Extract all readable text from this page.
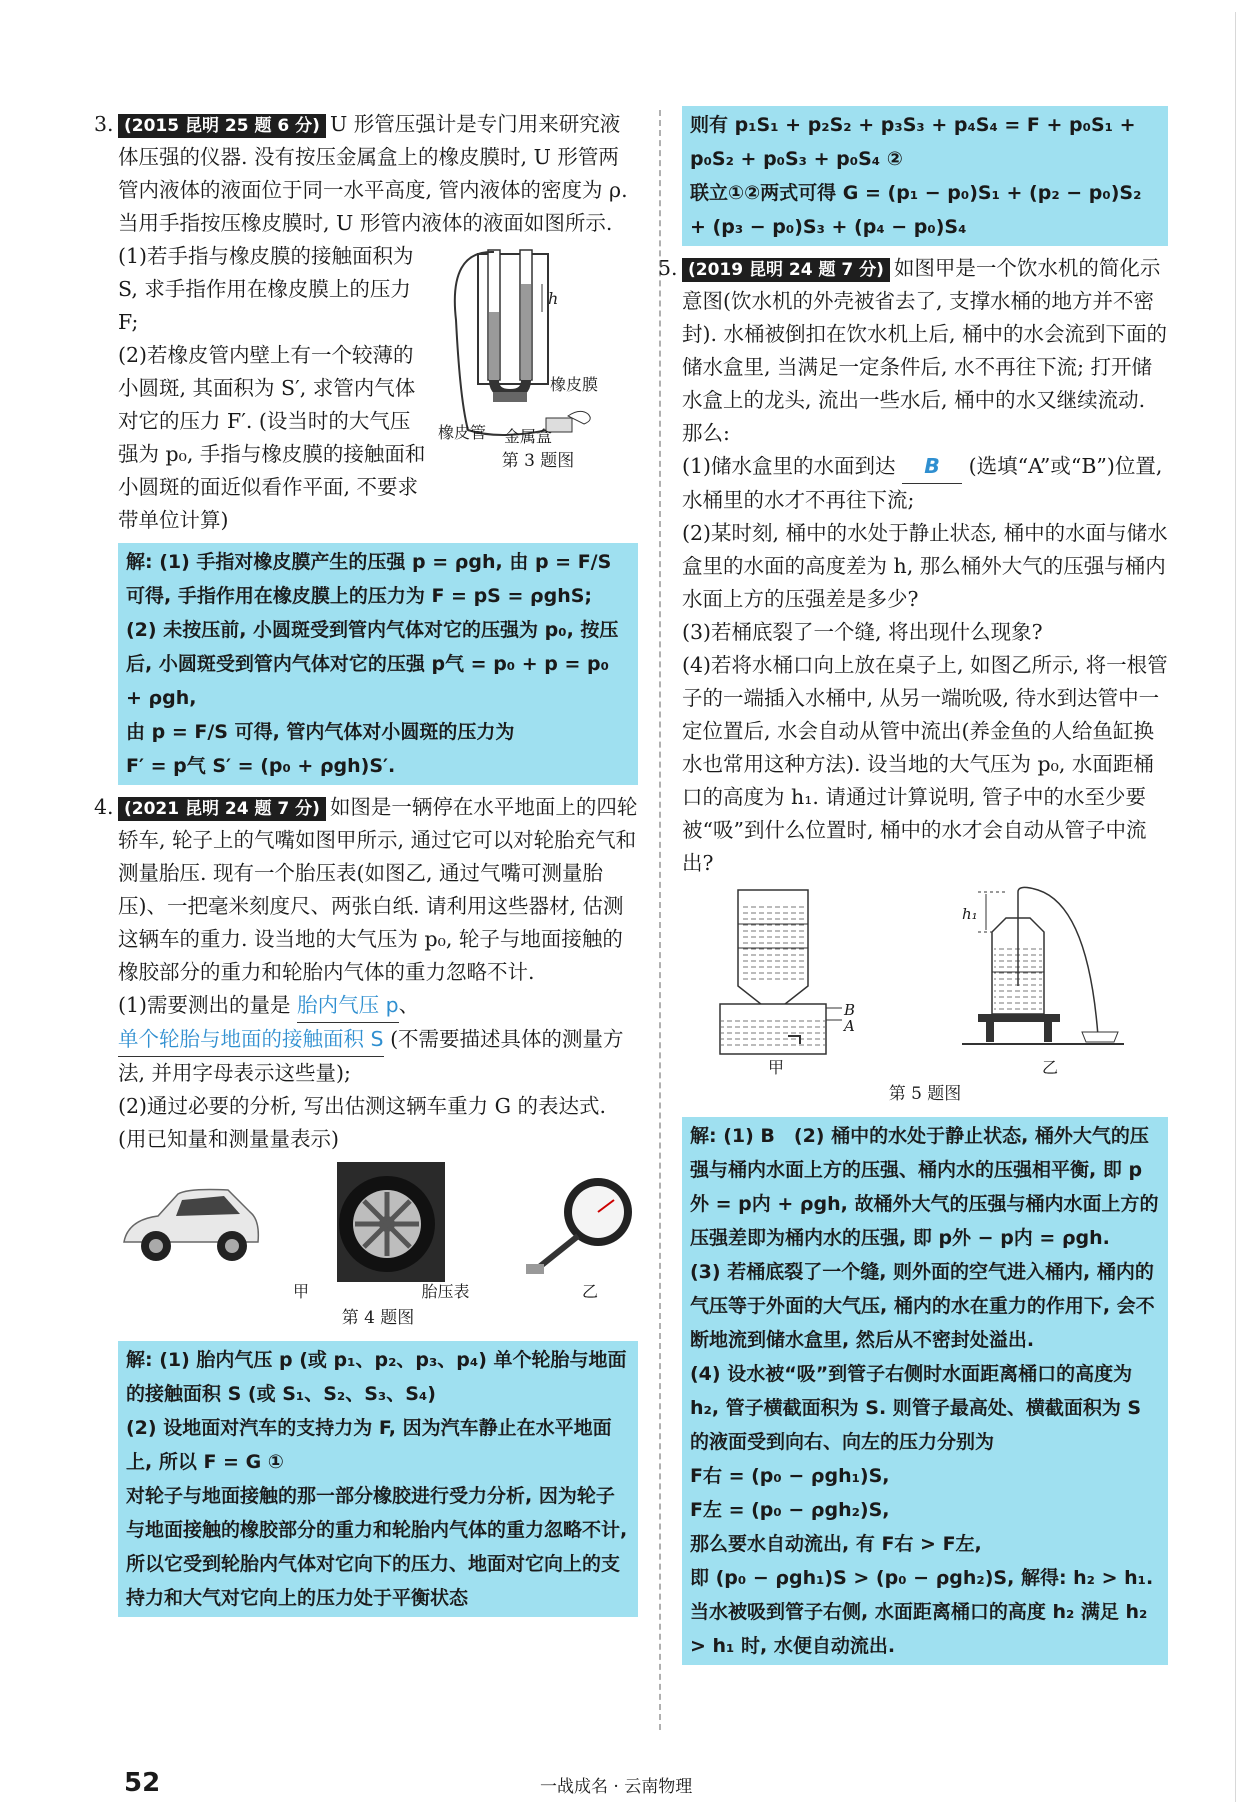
3. (2015 昆明 25 题 6 分) U 形管压强计是专门用来研究液体压强的仪器. 没有按压金属盒上的橡皮膜时, U 形管两管内液体的液面位于同一水平高度, 管内液体的密度为 ρ. 当用手指按压橡皮膜时, U 形管内液体的液面如图所示.

h
橡皮膜
橡皮管 金属盒
第 3 题图

(1)若手指与橡皮膜的接触面积为 S, 求手指作用在橡皮膜上的压力 F;

(2)若橡皮管内壁上有一个较薄的小圆斑, 其面积为 S′, 求管内气体对它的压力 F′. (设当时的大气压强为 p₀, 手指与橡皮膜的接触面和小圆斑的面近似看作平面, 不要求带单位计算)

解: (1) 手指对橡皮膜产生的压强 p = ρgh, 由 p = F/S 可得, 手指作用在橡皮膜上的压力为 F = pS = ρghS;

(2) 未按压前, 小圆斑受到管内气体对它的压强为 p₀, 按压后, 小圆斑受到管内气体对它的压强 p气 = p₀ + p = p₀ + ρgh,

由 p = F/S 可得, 管内气体对小圆斑的压力为

F′ = p气 S′ = (p₀ + ρgh)S′.

4. (2021 昆明 24 题 7 分) 如图是一辆停在水平地面上的四轮轿车, 轮子上的气嘴如图甲所示, 通过它可以对轮胎充气和测量胎压. 现有一个胎压表(如图乙, 通过气嘴可测量胎压)、一把毫米刻度尺、两张白纸. 请利用这些器材, 估测这辆车的重力. 设当地的大气压为 p₀, 轮子与地面接触的橡胶部分的重力和轮胎内气体的重力忽略不计.

(1)需要测出的量是 胎内气压 p、 单个轮胎与地面的接触面积 S (不需要描述具体的测量方法, 并用字母表示这些量);

(2)通过必要的分析, 写出估测这辆车重力 G 的表达式. (用已知量和测量量表示)

甲	胎压表	乙

第 4 题图

解: (1) 胎内气压 p (或 p₁、p₂、p₃、p₄) 单个轮胎与地面的接触面积 S (或 S₁、S₂、S₃、S₄)

(2) 设地面对汽车的支持力为 F, 因为汽车静止在水平地面上, 所以 F = G ①

对轮子与地面接触的那一部分橡胶进行受力分析, 因为轮子与地面接触的橡胶部分的重力和轮胎内气体的重力忽略不计, 所以它受到轮胎内气体对它向下的压力、地面对它向上的支持力和大气对它向上的压力处于平衡状态

则有 p₁S₁ + p₂S₂ + p₃S₃ + p₄S₄ = F + p₀S₁ + p₀S₂ + p₀S₃ + p₀S₄ ②

联立①②两式可得 G = (p₁ − p₀)S₁ + (p₂ − p₀)S₂ + (p₃ − p₀)S₃ + (p₄ − p₀)S₄

5. (2019 昆明 24 题 7 分) 如图甲是一个饮水机的简化示意图(饮水机的外壳被省去了, 支撑水桶的地方并不密封). 水桶被倒扣在饮水机上后, 桶中的水会流到下面的储水盒里, 当满足一定条件后, 水不再往下流; 打开储水盒上的龙头, 流出一些水后, 桶中的水又继续流动. 那么:

(1)储水盒里的水面到达 B (选填“A”或“B”)位置, 水桶里的水才不再往下流;

(2)某时刻, 桶中的水处于静止状态, 桶中的水面与储水盒里的水面的高度差为 h, 那么桶外大气的压强与桶内水面上方的压强差是多少?

(3)若桶底裂了一个缝, 将出现什么现象?

(4)若将水桶口向上放在桌子上, 如图乙所示, 将一根管子的一端插入水桶中, 从另一端吮吸, 待水到达管中一定位置后, 水会自动从管中流出(养金鱼的人给鱼缸换水也常用这种方法). 设当地的大气压为 p₀, 水面距桶口的高度为 h₁. 请通过计算说明, 管子中的水至少要被“吸”到什么位置时, 桶中的水才会自动从管子中流出?

B
A
h₁
甲	乙

第 5 题图

解: (1) B　(2) 桶中的水处于静止状态, 桶外大气的压强与桶内水面上方的压强、桶内水的压强相平衡, 即 p外 = p内 + ρgh, 故桶外大气的压强与桶内水面上方的压强差即为桶内水的压强, 即 p外 − p内 = ρgh.

(3) 若桶底裂了一个缝, 则外面的空气进入桶内, 桶内的气压等于外面的大气压, 桶内的水在重力的作用下, 会不断地流到储水盒里, 然后从不密封处溢出.

(4) 设水被“吸”到管子右侧时水面距离桶口的高度为 h₂, 管子横截面积为 S. 则管子最高处、横截面积为 S 的液面受到向右、向左的压力分别为

F右 = (p₀ − ρgh₁)S,

F左 = (p₀ − ρgh₂)S,

那么要水自动流出, 有 F右 > F左,

即 (p₀ − ρgh₁)S > (p₀ − ρgh₂)S, 解得: h₂ > h₁.

当水被吸到管子右侧, 水面距离桶口的高度 h₂ 满足 h₂ > h₁ 时, 水便自动流出.

52	一战成名 · 云南物理
